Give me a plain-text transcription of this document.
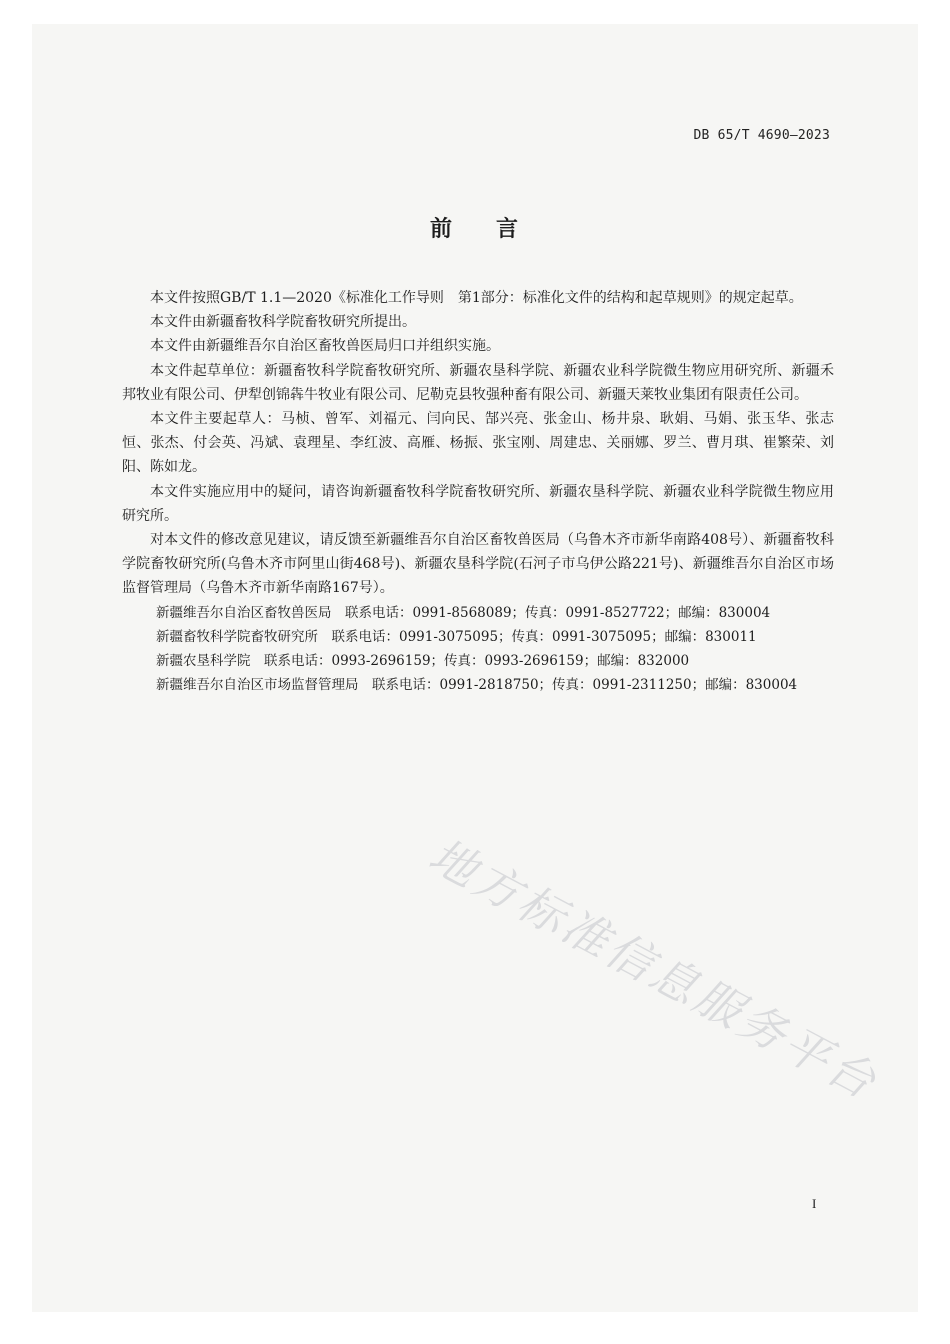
DB 65/T 4690—2023
前 言

本文件按照GB/T 1.1—2020《标准化工作导则　第1部分：标准化文件的结构和起草规则》的规定起草。

本文件由新疆畜牧科学院畜牧研究所提出。

本文件由新疆维吾尔自治区畜牧兽医局归口并组织实施。

本文件起草单位：新疆畜牧科学院畜牧研究所、新疆农垦科学院、新疆农业科学院微生物应用研究所、新疆禾邦牧业有限公司、伊犁创锦犇牛牧业有限公司、尼勒克县牧强种畜有限公司、新疆天莱牧业集团有限责任公司。

本文件主要起草人：马桢、曾军、刘福元、闫向民、郜兴亮、张金山、杨井泉、耿娟、马娟、张玉华、张志恒、张杰、付会英、冯斌、袁理星、李红波、高雁、杨振、张宝刚、周建忠、关丽娜、罗兰、曹月琪、崔繁荣、刘阳、陈如龙。

本文件实施应用中的疑问，请咨询新疆畜牧科学院畜牧研究所、新疆农垦科学院、新疆农业科学院微生物应用研究所。

对本文件的修改意见建议，请反馈至新疆维吾尔自治区畜牧兽医局（乌鲁木齐市新华南路408号）、新疆畜牧科学院畜牧研究所(乌鲁木齐市阿里山街468号)、新疆农垦科学院(石河子市乌伊公路221号)、新疆维吾尔自治区市场监督管理局（乌鲁木齐市新华南路167号）。

新疆维吾尔自治区畜牧兽医局　联系电话：0991-8568089；传真：0991-8527722；邮编：830004
新疆畜牧科学院畜牧研究所　联系电话：0991-3075095；传真：0991-3075095；邮编：830011
新疆农垦科学院　联系电话：0993-2696159；传真：0993-2696159；邮编：832000
新疆维吾尔自治区市场监督管理局　联系电话：0991-2818750；传真：0991-2311250；邮编：830004
地方标准信息服务平台
I
